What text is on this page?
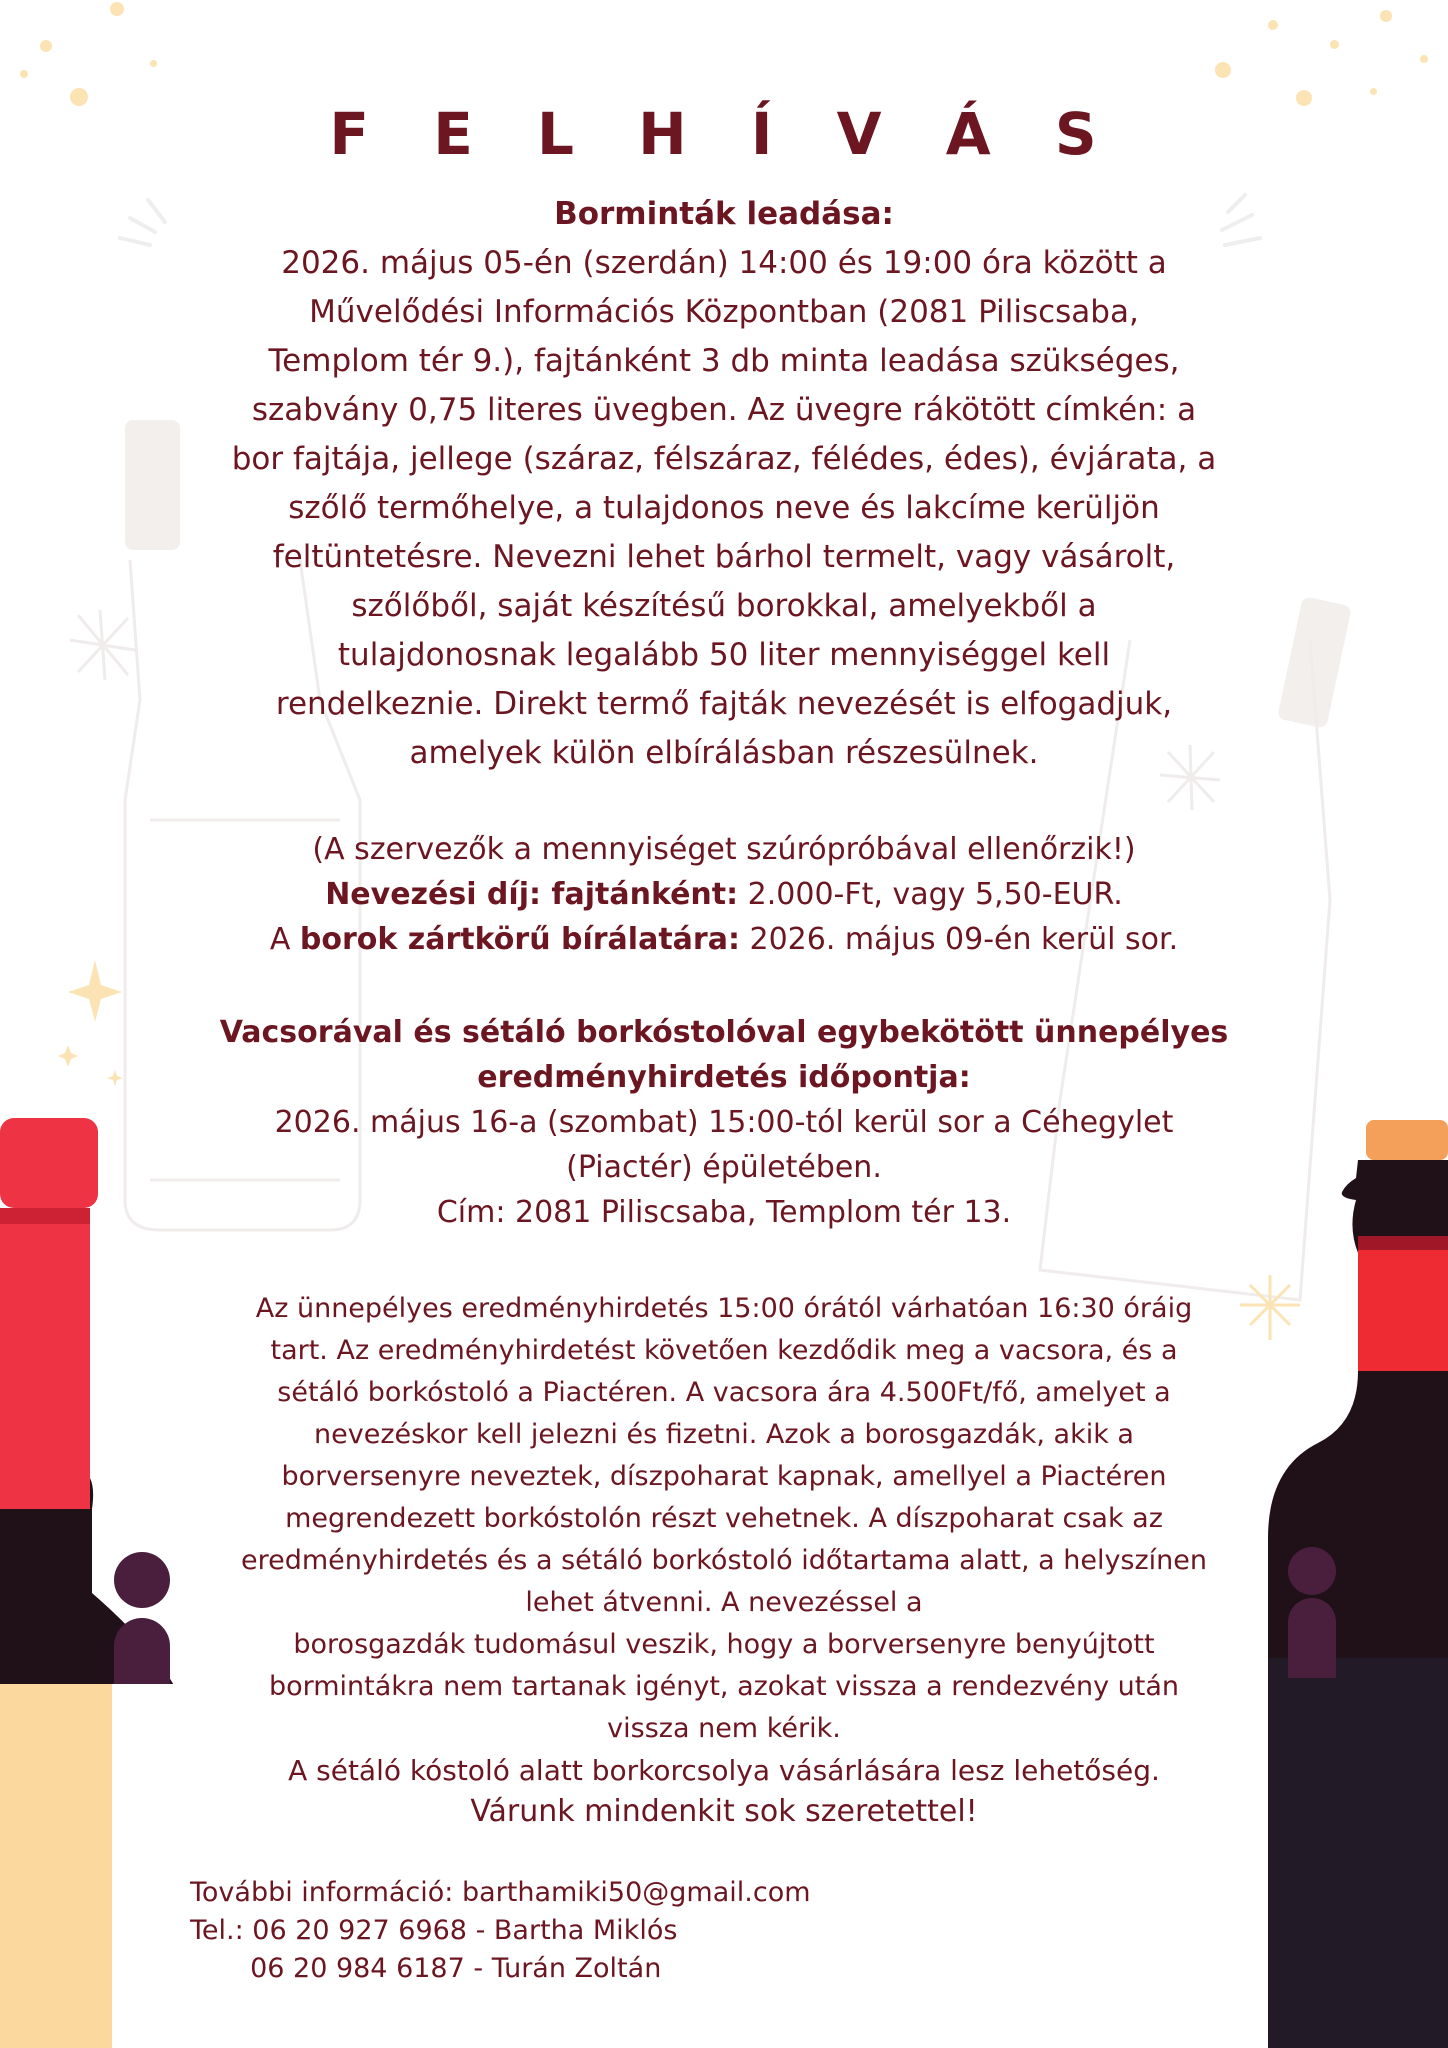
F E L H Í V Á S
Borminták leadása:
2026. május 05-én (szerdán) 14:00 és 19:00 óra között a
Művelődési Információs Központban (2081 Piliscsaba,
Templom tér 9.), fajtánként 3 db minta leadása szükséges,
szabvány 0,75 literes üvegben. Az üvegre rákötött címkén: a
bor fajtája, jellege (száraz, félszáraz, félédes, édes), évjárata, a
szőlő termőhelye, a tulajdonos neve és lakcíme kerüljön
feltüntetésre. Nevezni lehet bárhol termelt, vagy vásárolt,
szőlőből, saját készítésű borokkal, amelyekből a
tulajdonosnak legalább 50 liter mennyiséggel kell
rendelkeznie. Direkt termő fajták nevezését is elfogadjuk,
amelyek külön elbírálásban részesülnek.
(A szervezők a mennyiséget szúrópróbával ellenőrzik!)
Nevezési díj: fajtánként: 2.000-Ft, vagy 5,50-EUR.
A borok zártkörű bírálatára: 2026. május 09-én kerül sor.
Vacsorával és sétáló borkóstolóval egybekötött ünnepélyes
eredményhirdetés időpontja:
2026. május 16-a (szombat) 15:00-tól kerül sor a Céhegylet
(Piactér) épületében.
Cím: 2081 Piliscsaba, Templom tér 13.
Az ünnepélyes eredményhirdetés 15:00 órától várhatóan 16:30 óráig
tart. Az eredményhirdetést követően kezdődik meg a vacsora, és a
sétáló borkóstoló a Piactéren. A vacsora ára 4.500Ft/fő, amelyet a
nevezéskor kell jelezni és fizetni. Azok a borosgazdák, akik a
borversenyre neveztek, díszpoharat kapnak, amellyel a Piactéren
megrendezett borkóstolón részt vehetnek. A díszpoharat csak az
eredményhirdetés és a sétáló borkóstoló időtartama alatt, a helyszínen
lehet átvenni. A nevezéssel a
borosgazdák tudomásul veszik, hogy a borversenyre benyújtott
bormintákra nem tartanak igényt, azokat vissza a rendezvény után
vissza nem kérik.
A sétáló kóstoló alatt borkorcsolya vásárlására lesz lehetőség.
Várunk mindenkit sok szeretettel!
További információ: barthamiki50@gmail.com
Tel.: 06 20 927 6968 - Bartha Miklós
06 20 984 6187 - Turán Zoltán
